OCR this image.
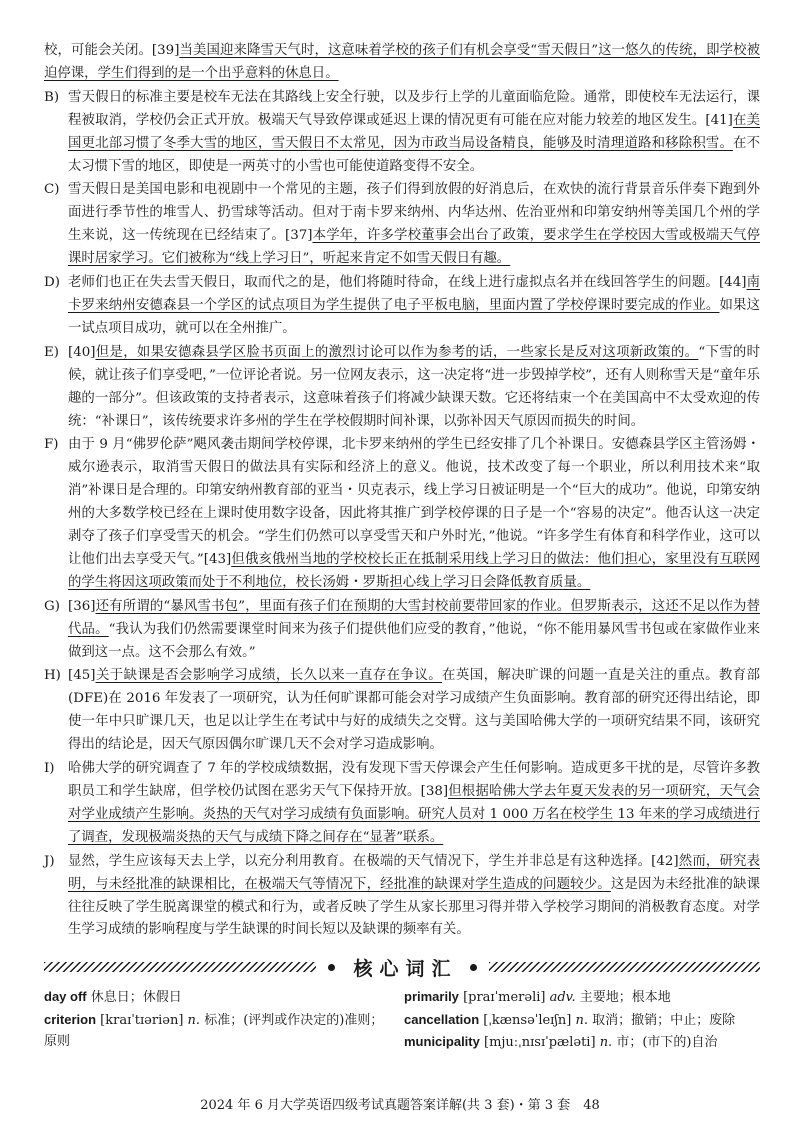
校，可能会关闭。[39]当美国迎来降雪天气时，这意味着学校的孩子们有机会享受“雪天假日”这一悠久的传统，即学校被迫停课，学生们得到的是一个出乎意料的休息日。

B) 雪天假日的标准主要是校车无法在其路线上安全行驶，以及步行上学的儿童面临危险。通常，即使校车无法运行，课程被取消，学校仍会正式开放。极端天气导致停课或延迟上课的情况更有可能在应对能力较差的地区发生。[41]在美国更北部习惯了冬季大雪的地区，雪天假日不太常见，因为市政当局设备精良，能够及时清理道路和移除积雪。在不太习惯下雪的地区，即使是一两英寸的小雪也可能使道路变得不安全。

C) 雪天假日是美国电影和电视剧中一个常见的主题，孩子们得到放假的好消息后，在欢快的流行背景音乐伴奏下跑到外面进行季节性的堆雪人、扔雪球等活动。但对于南卡罗来纳州、内华达州、佐治亚州和印第安纳州等美国几个州的学生来说，这一传统现在已经结束了。[37]本学年，许多学校董事会出台了政策，要求学生在学校因大雪或极端天气停课时居家学习。它们被称为“线上学习日”，听起来肯定不如雪天假日有趣。

D) 老师们也正在失去雪天假日，取而代之的是，他们将随时待命，在线上进行虚拟点名并在线回答学生的问题。[44]南卡罗来纳州安德森县一个学区的试点项目为学生提供了电子平板电脑，里面内置了学校停课时要完成的作业。如果这一试点项目成功，就可以在全州推广。

E) [40]但是，如果安德森县学区脸书页面上的激烈讨论可以作为参考的话，一些家长是反对这项新政策的。“下雪的时候，就让孩子们享受吧，”一位评论者说。另一位网友表示，这一决定将“进一步毁掉学校”，还有人则称雪天是“童年乐趣的一部分”。但该政策的支持者表示，这意味着孩子们将减少缺课天数。它还将结束一个在美国高中不太受欢迎的传统：“补课日”，该传统要求许多州的学生在学校假期时间补课，以弥补因天气原因而损失的时间。

F) 由于 9 月“佛罗伦萨”飓风袭击期间学校停课，北卡罗来纳州的学生已经安排了几个补课日。安德森县学区主管汤姆・威尔逊表示，取消雪天假日的做法具有实际和经济上的意义。他说，技术改变了每一个职业，所以利用技术来“取消”补课日是合理的。印第安纳州教育部的亚当・贝克表示，线上学习日被证明是一个“巨大的成功”。他说，印第安纳州的大多数学校已经在上课时使用数字设备，因此将其推广到学校停课的日子是一个“容易的决定”。他否认这一决定剥夺了孩子们享受雪天的机会。“学生们仍然可以享受雪天和户外时光，”他说。“许多学生有体育和科学作业，这可以让他们出去享受天气。”[43]但俄亥俄州当地的学校校长正在抵制采用线上学习日的做法：他们担心，家里没有互联网的学生将因这项政策而处于不利地位，校长汤姆・罗斯担心线上学习日会降低教育质量。

G) [36]还有所谓的“暴风雪书包”，里面有孩子们在预期的大雪封校前要带回家的作业。但罗斯表示，这还不足以作为替代品。“我认为我们仍然需要课堂时间来为孩子们提供他们应受的教育，”他说，“你不能用暴风雪书包或在家做作业来做到这一点。这不会那么有效。”

H) [45]关于缺课是否会影响学习成绩，长久以来一直存在争议。在英国，解决旷课的问题一直是关注的重点。教育部(DFE)在 2016 年发表了一项研究，认为任何旷课都可能会对学习成绩产生负面影响。教育部的研究还得出结论，即使一年中只旷课几天，也足以让学生在考试中与好的成绩失之交臂。这与美国哈佛大学的一项研究结果不同，该研究得出的结论是，因天气原因偶尔旷课几天不会对学习造成影响。

I) 哈佛大学的研究调查了 7 年的学校成绩数据，没有发现下雪天停课会产生任何影响。造成更多干扰的是，尽管许多教职员工和学生缺席，但学校仍试图在恶劣天气下保持开放。[38]但根据哈佛大学去年夏天发表的另一项研究，天气会对学业成绩产生影响。炎热的天气对学习成绩有负面影响。研究人员对 1 000 万名在校学生 13 年来的学习成绩进行了调查，发现极端炎热的天气与成绩下降之间存在“显著”联系。

J) 显然，学生应该每天去上学，以充分利用教育。在极端的天气情况下，学生并非总是有这种选择。[42]然而，研究表明，与未经批准的缺课相比，在极端天气等情况下，经批准的缺课对学生造成的问题较少。这是因为未经批准的缺课往往反映了学生脱离课堂的模式和行为，或者反映了学生从家长那里习得并带入学校学习期间的消极教育态度。对学生学习成绩的影响程度与学生缺课的时间长短以及缺课的频率有关。

核心词汇

day off 休息日；休假日

criterion [kraɪˈtɪəriən] n. 标准；(评判或作决定的)准则；原则

primarily [praɪˈmerəli] adv. 主要地；根本地

cancellation [ˌkænsəˈleɪʃn] n. 取消；撤销；中止；废除

municipality [mjuːˌnɪsɪˈpæləti] n. 市；(市下的)自治

2024 年 6 月大学英语四级考试真题答案详解(共 3 套)・第 3 套　48
